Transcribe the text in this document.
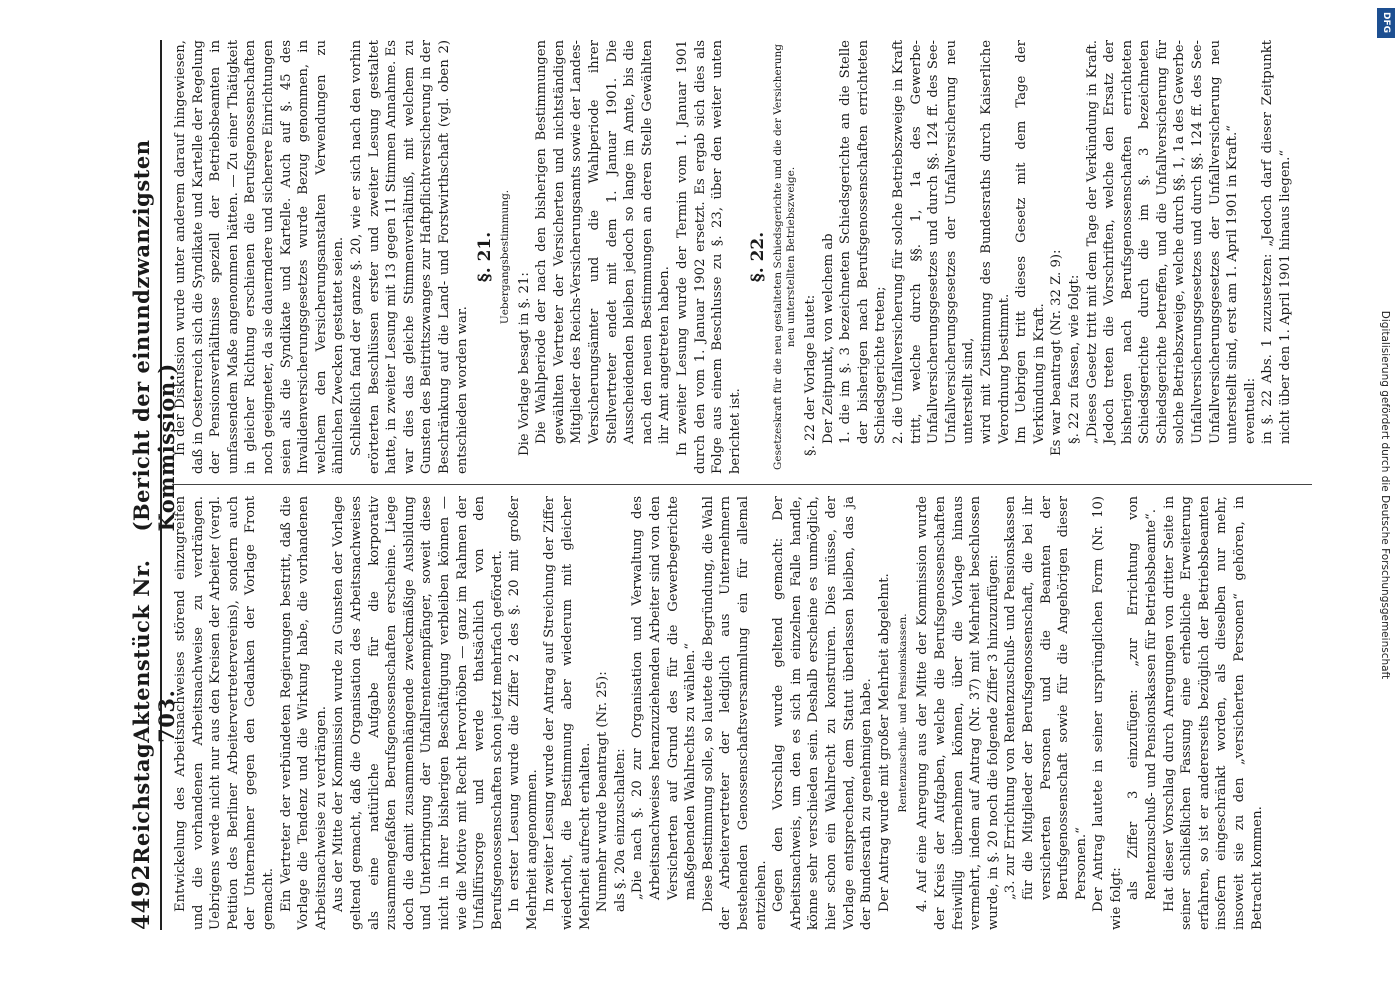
4492
Reichstag
Aktenstück Nr. 703.
(Bericht der einundzwanzigsten Kommission.)

Entwickelung des Arbeitsnachweises störend einzugreifen und die vorhandenen Arbeitsnachweise zu verdrängen. Uebrigens werde nicht nur aus den Kreisen der Arbeiter (vergl. Petition des Berliner Arbeitervertretervereins), sondern auch der Unternehmer gegen den Gedanken der Vorlage Front gemacht. Ein Vertreter der verbündeten Regierungen bestritt, daß die Vorlage die Tendenz und die Wirkung habe, die vorhandenen Arbeitsnachweise zu verdrängen. Aus der Mitte der Kommission wurde zu Gunsten der Vorlage geltend gemacht, daß die Organisation des Arbeitsnachweises als eine natürliche Aufgabe für die korporativ zusammengefaßten Berufsgenossenschaften erscheine. Liege doch die damit zusammenhängende zweckmäßige Ausbildung und Unterbringung der Unfallrentenempfänger, soweit diese nicht in ihrer bisherigen Beschäftigung verbleiben können — wie die Motive mit Recht hervorhöben — ganz im Rahmen der Unfallfürsorge und werde thatsächlich von den Berufsgenossenschaften schon jetzt mehrfach gefördert. In erster Lesung wurde die Ziffer 2 des §. 20 mit großer Mehrheit angenommen. In zweiter Lesung wurde der Antrag auf Streichung der Ziffer wiederholt, die Bestimmung aber wiederum mit gleicher Mehrheit aufrecht erhalten. Nunmehr wurde beantragt (Nr. 25): als §. 20a einzuschalten: „Die nach §. 20 zur Organisation und Verwaltung des Arbeitsnachweises heranzuziehenden Arbeiter sind von den Versicherten auf Grund des für die Gewerbegerichte maßgebenden Wahlrechts zu wählen.“ Diese Bestimmung solle, so lautete die Begründung, die Wahl der Arbeitervertreter der lediglich aus Unternehmern bestehenden Genossenschaftsversammlung ein für allemal entziehen. Gegen den Vorschlag wurde geltend gemacht: Der Arbeitsnachweis, um den es sich im einzelnen Falle handle, könne sehr verschieden sein. Deshalb erscheine es unmöglich, hier schon ein Wahlrecht zu konstruiren. Dies müsse, der Vorlage entsprechend, dem Statut überlassen bleiben, das ja der Bundesrath zu genehmigen habe. Der Antrag wurde mit großer Mehrheit abgelehnt. Rentenzuschuß- und Pensionskassen. 4. Auf eine Anregung aus der Mitte der Kommission wurde der Kreis der Aufgaben, welche die Berufsgenossenschaften freiwillig übernehmen können, über die Vorlage hinaus vermehrt, indem auf Antrag (Nr. 37) mit Mehrheit beschlossen wurde, in §. 20 noch die folgende Ziffer 3 hinzuzufügen: „3. zur Errichtung von Rentenzuschuß- und Pensionskassen für die Mitglieder der Berufsgenossenschaft, die bei ihr versicherten Personen und die Beamten der Berufsgenossenschaft sowie für die Angehörigen dieser Personen.“ Der Antrag lautete in seiner ursprünglichen Form (Nr. 10) wie folgt: als Ziffer 3 einzufügen: „zur Errichtung von Rentenzuschuß- und Pensionskassen für Betriebsbeamte“. Hat dieser Vorschlag durch Anregungen von dritter Seite in seiner schließlichen Fassung eine erhebliche Erweiterung erfahren, so ist er andererseits bezüglich der Betriebsbeamten insofern eingeschränkt worden, als dieselben nur mehr, insoweit sie zu den „versicherten Personen“ gehören, in Betracht kommen.

In der Diskussion wurde unter anderem darauf hingewiesen, daß in Oesterreich sich die Syndikate und Kartelle der Regelung der Pensionsverhältnisse speziell der Betriebsbeamten in umfassendem Maße angenommen hätten. — Zu einer Thätigkeit in gleicher Richtung erschienen die Berufsgenossenschaften noch geeigneter, da sie dauerndere und sicherere Einrichtungen seien als die Syndikate und Kartelle. Auch auf §. 45 des Invalidenversicherungsgesetzes wurde Bezug genommen, in welchem den Versicherungsanstalten Verwendungen zu ähnlichen Zwecken gestattet seien. Schließlich fand der ganze §. 20, wie er sich nach den vorhin erörterten Beschlüssen erster und zweiter Lesung gestaltet hatte, in zweiter Lesung mit 13 gegen 11 Stimmen Annahme. Es war dies das gleiche Stimmenverhältniß, mit welchem zu Gunsten des Beitrittszwanges zur Haftpflichtversicherung in der Beschränkung auf die Land- und Forstwirthschaft (vgl. oben 2) entschieden worden war.

§. 21. Uebergangsbestimmung.

Die Vorlage besagt in §. 21: Die Wahlperiode der nach den bisherigen Bestimmungen gewählten Vertreter der Versicherten und nichtständigen Mitglieder des Reichs-Versicherungsamts sowie der Landes-Versicherungsämter und die Wahlperiode ihrer Stellvertreter endet mit dem 1. Januar 1901. Die Ausscheidenden bleiben jedoch so lange im Amte, bis die nach den neuen Bestimmungen an deren Stelle Gewählten ihr Amt angetreten haben. In zweiter Lesung wurde der Termin vom 1. Januar 1901 durch den vom 1. Januar 1902 ersetzt. Es ergab sich dies als Folge aus einem Beschlusse zu §. 23, über den weiter unten berichtet ist.

§. 22. Gesetzeskraft für die neu gestalteten Schiedsgerichte und die der Versicherung neu unterstellten Betriebszweige.

§. 22 der Vorlage lautet: Der Zeitpunkt, von welchem ab 1. die im §. 3 bezeichneten Schiedsgerichte an die Stelle der bisherigen nach Berufsgenossenschaften errichteten Schiedsgerichte treten; 2. die Unfallversicherung für solche Betriebszweige in Kraft tritt, welche durch §§. 1, 1a des Gewerbe-Unfallversicherungsgesetzes und durch §§. 124 ff. des See-Unfallversicherungsgesetzes der Unfallversicherung neu unterstellt sind, wird mit Zustimmung des Bundesraths durch Kaiserliche Verordnung bestimmt. Im Uebrigen tritt dieses Gesetz mit dem Tage der Verkündung in Kraft. Es war beantragt (Nr. 32 Z. 9): §. 22 zu fassen, wie folgt: „Dieses Gesetz tritt mit dem Tage der Verkündung in Kraft. Jedoch treten die Vorschriften, welche den Ersatz der bisherigen nach Berufsgenossenschaften errichteten Schiedsgerichte durch die im §. 3 bezeichneten Schiedsgerichte betreffen, und die Unfallversicherung für solche Betriebszweige, welche durch §§. 1, 1a des Gewerbe-Unfallversicherungsgesetzes und durch §§. 124 ff. des See-Unfallversicherungsgesetzes der Unfallversicherung neu unterstellt sind, erst am 1. April 1901 in Kraft.“ eventuell: in §. 22 Abs. 1 zuzusetzen: „Jedoch darf dieser Zeitpunkt nicht über den 1. April 1901 hinaus liegen.“

DFG
Digitalisierung gefördert durch die Deutsche Forschungsgemeinschaft
